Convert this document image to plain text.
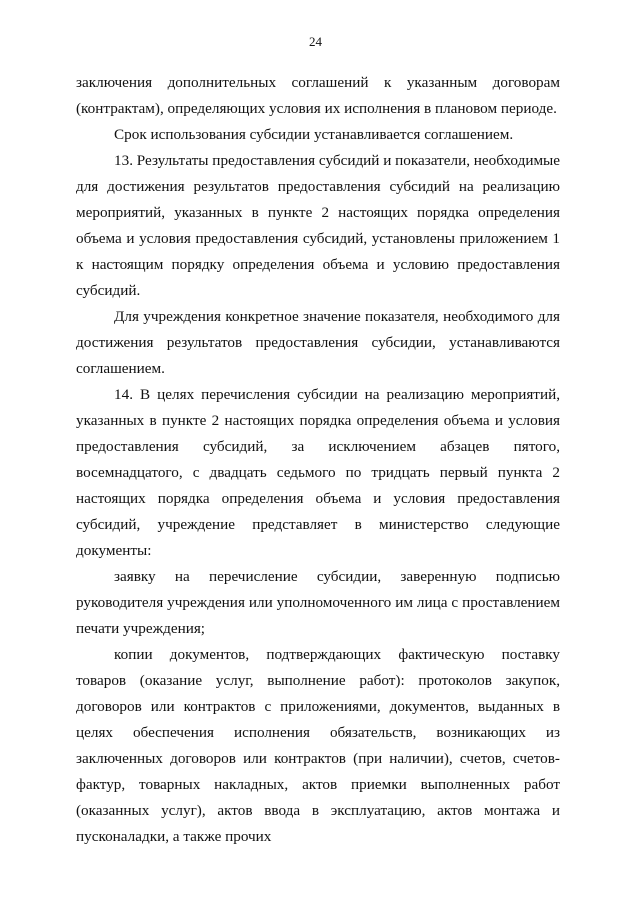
24

заключения дополнительных соглашений к указанным договорам (контрактам), определяющих условия их исполнения в плановом периоде.

Срок использования субсидии устанавливается соглашением.

13. Результаты предоставления субсидий и показатели, необходимые для достижения результатов предоставления субсидий на реализацию мероприятий, указанных в пункте 2 настоящих порядка определения объема и условия предоставления субсидий, установлены приложением 1 к настоящим порядку определения объема и условию предоставления субсидий.

Для учреждения конкретное значение показателя, необходимого для достижения результатов предоставления субсидии, устанавливаются соглашением.

14. В целях перечисления субсидии на реализацию мероприятий, указанных в пункте 2 настоящих порядка определения объема и условия предоставления субсидий, за исключением абзацев пятого, восемнадцатого, с двадцать седьмого по тридцать первый пункта 2 настоящих порядка определения объема и условия предоставления субсидий, учреждение представляет в министерство следующие документы:

заявку на перечисление субсидии, заверенную подписью руководителя учреждения или уполномоченного им лица с проставлением печати учреждения;

копии документов, подтверждающих фактическую поставку товаров (оказание услуг, выполнение работ): протоколов закупок, договоров или контрактов с приложениями, документов, выданных в целях обеспечения исполнения обязательств, возникающих из заключенных договоров или контрактов (при наличии), счетов, счетов-фактур, товарных накладных, актов приемки выполненных работ (оказанных услуг), актов ввода в эксплуатацию, актов монтажа и пусконаладки, а также прочих
